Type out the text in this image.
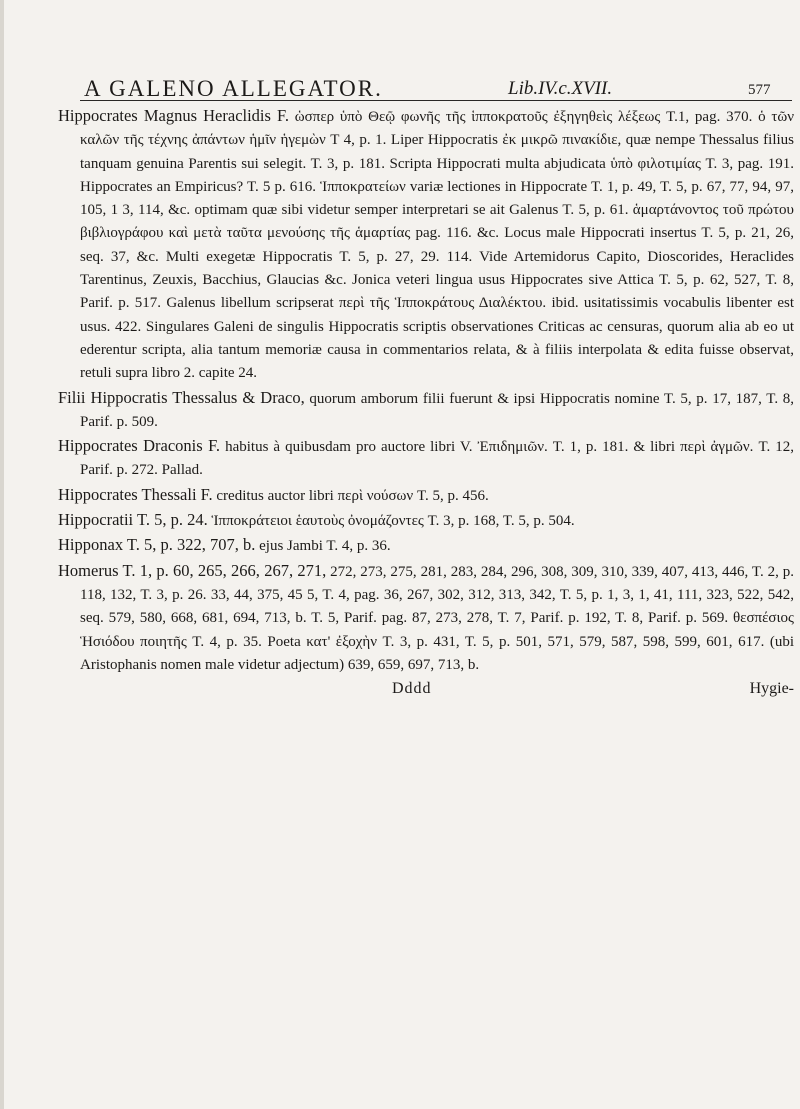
A GALENO ALLEGATOR.	Lib.IV.c.XVII.	577

Hippocrates Magnus Heraclidis F. ὡσπερ ὑπὸ Θεῷ φωνῆς τῆς ἱπποκρατοῦς ἐξηγηθεὶς λέξεως T.1, pag. 370. ὁ τῶν καλῶν τῆς τέχνης ἀπάντων ἡμῖν ἡγεμὼν T 4, p. 1. Liper Hippocratis ἐκ μικρῶ πινακίδιε, quæ nempe Thessalus filius tanquam genuina Parentis sui selegit. T. 3, p. 181. Scripta Hippocrati multa abjudicata ὑπὸ φιλοτιμίας T. 3, pag. 191. Hippocrates an Empiricus? T. 5 p. 616. Ἱπποκρατείων variæ lectiones in Hippocrate T. 1, p. 49, T. 5, p. 67, 77, 94, 97, 105, 1 3, 114, &c. optimam quæ sibi videtur semper interpretari se ait Galenus T. 5, p. 61. ἁμαρτάνοντος τοῦ πρώτου βιβλιογράφου καὶ μετὰ ταῦτα μενούσης τῆς ἁμαρτίας pag. 116. &c. Locus male Hippocrati insertus T. 5, p. 21, 26, seq. 37, &c. Multi exegetæ Hippocratis T. 5, p. 27, 29. 114. Vide Artemidorus Capito, Dioscorides, Heraclides Tarentinus, Zeuxis, Bacchius, Glaucias &c. Jonica veteri lingua usus Hippocrates sive Attica T. 5, p. 62, 527, T. 8, Parif. p. 517. Galenus libellum scripserat περὶ τῆς Ἱπποκράτους Διαλέκτου. ibid. usitatissimis vocabulis libenter est usus. 422. Singulares Galeni de singulis Hippocratis scriptis observationes Criticas ac censuras, quorum alia ab eo ut ederentur scripta, alia tantum memoriæ causa in commentarios relata, & à filiis interpolata & edita fuisse observat, retuli supra libro 2. capite 24.

Filii Hippocratis Thessalus & Draco, quorum amborum filii fuerunt & ipsi Hippocratis nomine T. 5, p. 17, 187, T. 8, Parif. p. 509.

Hippocrates Draconis F. habitus à quibusdam pro auctore libri V. Ἐπιδημιῶν. T. 1, p. 181. & libri περὶ ἀγμῶν. T. 12, Parif. p. 272. Pallad.

Hippocrates Thessali F. creditus auctor libri περὶ νούσων T. 5, p. 456.

Hippocratii T. 5, p. 24. Ἱπποκράτειοι ἑαυτοὺς ὀνομάζοντες T. 3, p. 168, T. 5, p. 504.

Hipponax T. 5, p. 322, 707, b. ejus Jambi T. 4, p. 36.

Homerus T. 1, p. 60, 265, 266, 267, 271, 272, 273, 275, 281, 283, 284, 296, 308, 309, 310, 339, 407, 413, 446, T. 2, p. 118, 132, T. 3, p. 26. 33, 44, 375, 45 5, T. 4, pag. 36, 267, 302, 312, 313, 342, T. 5, p. 1, 3, 1, 41, 111, 323, 522, 542, seq. 579, 580, 668, 681, 694, 713, b. T. 5, Parif. pag. 87, 273, 278, T. 7, Parif. p. 192, T. 8, Parif. p. 569. θεσπέσιος Ἡσιόδου ποιητῆς T. 4, p. 35. Poeta κατ' ἐξοχὴν T. 3, p. 431, T. 5, p. 501, 571, 579, 587, 598, 599, 601, 617. (ubi Aristophanis nomen male videtur adjectum) 639, 659, 697, 713, b.

Dddd	Hygie-
